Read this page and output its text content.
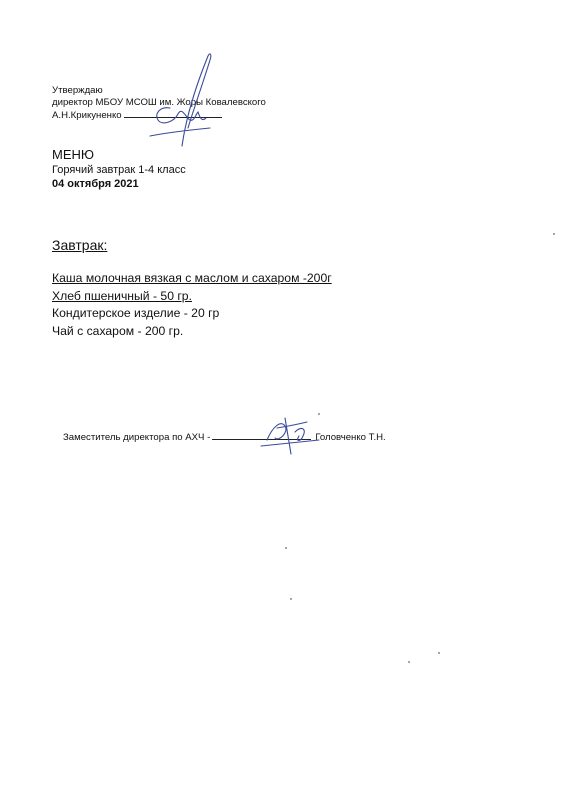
Утверждаю
директор МБОУ МСОШ им. Жоры Ковалевского
А.Н.Крикуненко
МЕНЮ
Горячий завтрак 1-4 класс
04 октября 2021
Завтрак:
Каша молочная вязкая с маслом и сахаром -200г
Хлеб пшеничный - 50 гр.
Кондитерское изделие - 20 гр
Чай с сахаром - 200 гр.
Заместитель директора по АХЧ -	Головченко Т.Н.
